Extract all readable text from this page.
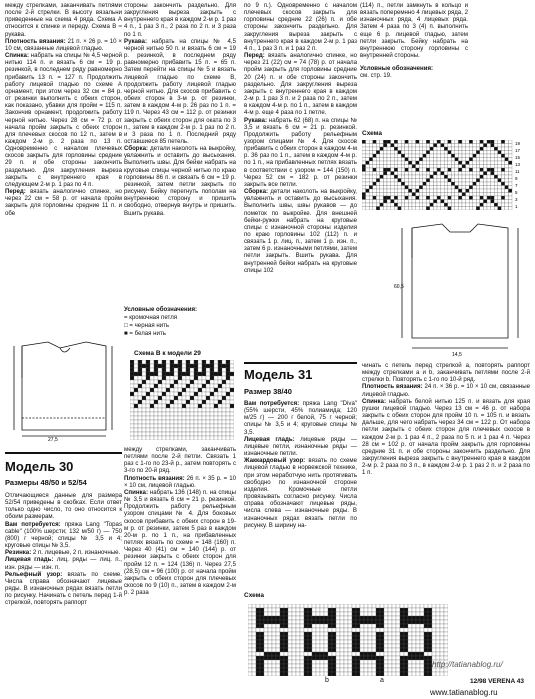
между стрелками, заканчивать петлями после 2-й стрелки. В высоту вязальни приведенные на схема 4 ряда. Схема А относится к спинке и переду. Схема В ≈ рукава.

Плотность вязания: 21 п. × 26 р. = 10 × 10 см, связанные лицевой гладью.

Спинка: набрать на спицы № 4,5 черной нитью 114 п. и вязать 6 см = 19 р. резинкой, в последнем ряду равномерно прибавить 13 п. = 127 п. Продолжить работу лицевой гладью по схеме А орнамент, при этом через 32 см = 84 р. от резинки выполнить с обеих сторон, как показано, убавки для пройм = 115 п. Закончив орнамент, продолжить работу черной нитью. Через 28 см = 72 р. от начала пройм закрыть с обеих сторон для плечевых скосов по 12 п., затем в каждом 2-м р. 2 раза по 13 п. Одновременно с началом плечевых скосов закрыть для горловины средние 29 п. и обе стороны закончить раздельно. Для закругления выреза закрыть с внутреннего края в следующем 2-м р. 1 раз по 4 п.

Перед: вязать аналогично спинке, но через 22 см = 58 р. от начала пройм закрыть для горловины средние 11 п. и обе

27,5

стороны закончить раздельно. Для закругления выреза закрыть с внутреннего края в каждом 2-м р. 1 раз 4 п., 1 раз 3 п., 2 раза по 2 п. и 3 раза по 1 п.

Рукава: набрать на спицы № 4,5 черной нитью 50 п. и вязать 6 см = 19 р. резинкой, в последнем ряду равномерно прибавить 15 п. = 65 п. Затем перейти на спицы № 5 и вязать лицевой гладью по схеме В, продолжить работу лицевой гладью черной нитью. Для скосов прибавить с обеих сторон в 3-м р. от резинки, затем в каждом 4-м р. 26 раз по 1 п. = 119 п. Через 43 см = 112 р. от резинки закрыть с обеих сторон для окатa по 3 п., затем в каждом 2-м р. 1 раз по 2 п. и 3 раза по 1 п. Последний ряду оставшиеся 85 петель.

Сборка: детали наколоть на выкройку, увлажнить и оставить до высыхания. Выполнить швы. Для бейки набрать на круговые спицы черной нитью по краю горловины 86 п. и связать 6 см = 19 р. резинкой, затем петли закрыть по рисунку. Бейку перегнуть пополам на внутреннюю сторону и пришить свободно, отвернув внутрь и пришить. Вшить рукава.

Условные обозначения:
= кромочная петля
□ = черная нить
■ = белая нить
Схема В к модели 29

между стрелками, заканчивать петлями после 2-й петли. Связать 1 раз с 1-го по 23-й р., затем повторять с 3-го по 20-й ряд.

Плотность вязания: 26 п. × 35 р. = 10 × 10 см, лицевой гладью.

Спинка: набрать 136 (148) п. на спицы № 3,5 и вязать 6 см = 21 р. резинкой. Продолжить работу рельефным узором спицами № 4. Для боковых скосов прибавить с обеих сторон в 19-м р. от резинки, затем 5 раз в каждом 20-м р. по 1 п., на прибавленных петлях вязать по схеме = 148 (160) п. Через 40 (41) см = 140 (144) р. от резинки закрыть с обеих сторон для пройм 12 п. = 124 (136) п. Через 27,5 (28,5) см = 96 (100) р. от начала пройм закрыть с обеих сторон для плечевых скосов по 9 (10) п., затем в каждом 2-м р. 2 раза

Модель 30
Размеры 48/50 и 52/54

Отличающиеся данные для размера 52/54 приведены в скобках. Если ответ только одно число, то оно относится к обоим размерам.

Вам потребуется: пряжа Lang "Topas cable" (100% шерсти; 132 м/50 г) — 750 (800) г черной; спицы № 3,5 и 4; круговые спицы № 3,5.

Резинка: 2 п. лицевые, 2 п. изнаночные.

Лицевая гладь: лиц. ряды — лиц. п., изн. ряды — изн. п.

Рельефный узор: вязать по схеме. Числа справа обозначают лицевые ряды. В изнаночных рядах вязать петли по рисунку. Начинать с петель перед 1-й стрелкой, повторять раппорт

по 9 п.). Одновременно с началом плечевых скосов закрыть для горловины средние 22 (26) п. и обе стороны закончить раздельно. Для закругления выреза закрыть с внутреннего края в каждом 2-м р. 1 раз 4 п., 1 раз 3 п. и 1 раз 2 п.

Перед: вязать аналогично спинке, но через 21 (22) см = 74 (78) р. от начала пройм закрыть для горловины средние 20 (24) п. и обе стороны закончить раздельно. Для закругления выреза закрыть с внутреннего края в каждом 2-м р. 1 раз 3 п. и 2 раза по 2 п., затем в каждом 4-м р. по 1 п., затем в каждом 4-м р. еще 4 раза по 1 петле.

Рукава: набрать 62 (68) п. на спицы № 3,5 и вязать 6 см = 21 р. резинкой. Продолжить работу рельефным узором спицами № 4. Для скосов прибавить с обеих сторон в каждом 4-м р. 36 раз по 1 п., затем в каждом 4-м р. по 1 п., на прибавленных петлях вязать в соответствии с узором = 144 (150) п. Через 52 см = 182 р. от резинки закрыть все петли.

Сборка: детали наколоть на выкройку, увлажнить и оставить до высыхания. Выполнить швы, швы рукавов — до пометок по выкройке. Для внешней бейки-ружки набрать на круговые спицы с изнаночной стороны изделия по краю горловины 102 (112) п. и связать 1 р. лиц. п., затем 1 р. изн. п., затем 6 р. изнаночными петлями, затем петли закрыть. Вшить рукава. Для внутренней бейки набрать на круговые спицы 102

Модель 31
Размер 38/40

Вам потребуется: пряжа Lang "Diva" (55% шерсти, 45% полиамида; 120 м/25 г) — 200 г белой, 75 г черной; спицы № 3,5 и 4; круговые спицы № 3,5.

Лицевая гладь: лицевые ряды — лицевые петли, изнаночные ряды — изнаночные петли.

Жаккардовый узор: вязать по схеме лицевой гладью в норвежской технике, при этом неработчую нить протягивать свободно по изнаночной стороне изделия. Кромочные петли провязывать согласно рисунку. Числа справа обозначают лицевые ряды, числа слева — изнаночные ряды. В изнаночных рядах вязать петли по рисунку. В ширину на-

Схема
b	a

(114) п., петли замкнуть в кольцо и вязать поперемнно 4 лицевых ряда, 2 изнаночных ряда, 4 лицевых ряда. Затем 4 раза по 3 (4) п. выполнить еще 6 р. лицевой гладью, затем петли закрыть. Бейку набрать на внутреннюю сторону горловины с внутренней стороны.

Условные обозначения:
см. стр. 19.

Схема
19
17
15
13
11
9
7
5
3
1
60,5
14,5

чинать с петель перед стрелкой а, повторять раппорт между стрелками а и b, заканчивать петлями после 2-й стрелки b. Повторять с 1-го по 10-й ряд.

Плотность вязания: 24 п. × 36 р. = 10 × 10 см, связанные лицевой гладью.

Спинка: набрать белой нитью 125 п. и вязать для края рушки лицевой гладью. Через 13 см = 46 р. от набора закрыть с обеих сторон для пройм 10 п. = 105 п. и вязать дальше, для чего набрать через 34 см = 122 р. От набора петли закрыть с обеих сторон для плечевых скосов в каждом 2-м р. 1 раз 4 п., 2 раза по 5 п. и 1 раз 4 п. Через 28 см = 102 р. от начала пройм закрыть для горловины средние 31 п. и обе стороны закончить раздельно. Для закругления выреза закрыть с внутреннего края в каждом 2-м р. 2 раза по 3 п., в каждом 2-м р. 1 раз 2 п. и 2 раза по 1 п.

http://tatianablog.ru/
12/98 VERENA 43
www.tatianablog.ru
